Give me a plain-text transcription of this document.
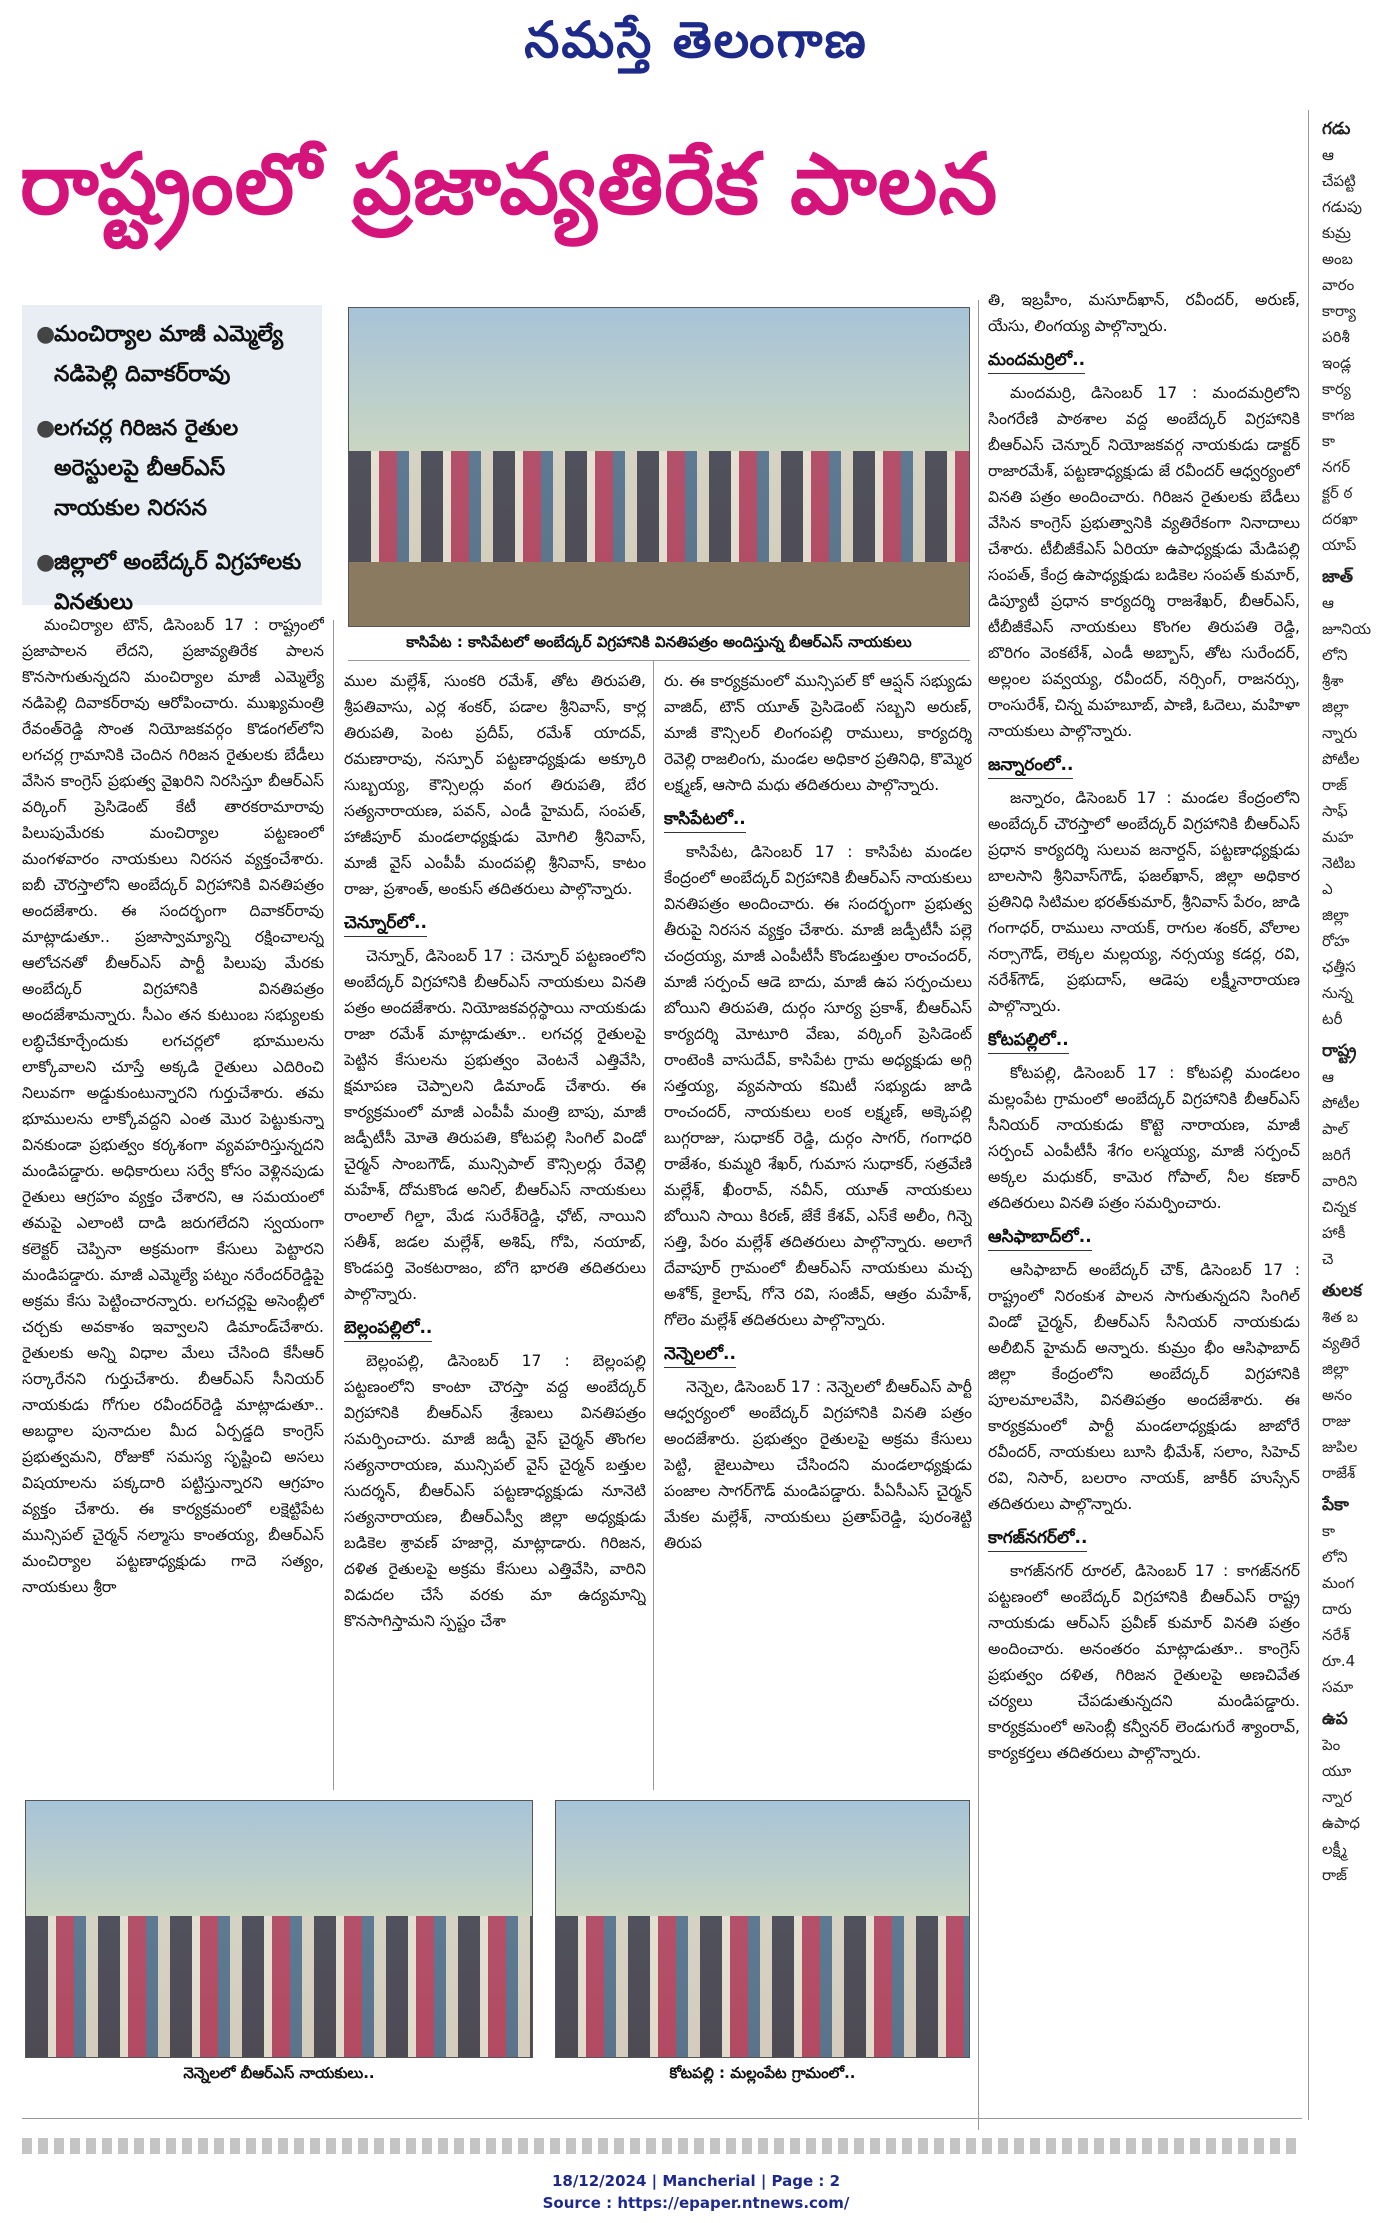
నమస్తే తెలంగాణ
రాష్ట్రంలో ప్రజావ్యతిరేక పాలన
●
మంచిర్యాల మాజీ ఎమ్మెల్యే నడిపెల్లి దివాకర్‌రావు
●
లగచర్ల గిరిజన రైతుల అరెస్టులపై బీఆర్‌ఎస్ నాయకుల నిరసన
●
జిల్లాలో అంబేద్కర్ విగ్రహాలకు వినతులు
కాసిపేట : కాసిపేటలో అంబేద్కర్ విగ్రహానికి వినతిపత్రం అందిస్తున్న బీఆర్‌ఎస్ నాయకులు

మంచిర్యాల టౌన్, డిసెంబర్ 17 : రాష్ట్రంలో ప్రజాపాలన లేదని, ప్రజావ్యతిరేక పాలన కొనసాగుతున్నదని మంచిర్యాల మాజీ ఎమ్మెల్యే నడిపెల్లి దివాకర్‌రావు ఆరోపించారు. ముఖ్యమంత్రి రేవంత్‌రెడ్డి సొంత నియోజకవర్గం కొడంగల్‌లోని లగచర్ల గ్రామానికి చెందిన గిరిజన రైతులకు బేడీలు వేసిన కాంగ్రెస్ ప్రభుత్వ వైఖరిని నిరసిస్తూ బీఆర్‌ఎస్ వర్కింగ్ ప్రెసిడెంట్ కేటీ తారకరామారావు పిలుపుమేరకు మంచిర్యాల పట్టణంలో మంగళవారం నాయకులు నిరసన వ్యక్తంచేశారు. ఐబీ చౌరస్తాలోని అంబేద్కర్ విగ్రహానికి వినతిపత్రం అందజేశారు. ఈ సందర్భంగా దివాకర్‌రావు మాట్లాడుతూ.. ప్రజాస్వామ్యాన్ని రక్షించాలన్న ఆలోచనతో బీఆర్‌ఎస్ పార్టీ పిలుపు మేరకు అంబేద్కర్ విగ్రహానికి వినతిపత్రం అందజేశామన్నారు. సీఎం తన కుటుంబ సభ్యులకు లబ్ధిచేకూర్చేందుకు లగచర్లలో భూములను లాక్కోవాలని చూస్తే అక్కడి రైతులు ఎదిరించి నిలువగా అడ్డుకుంటున్నారని గుర్తుచేశారు. తమ భూములను లాక్కోవద్దని ఎంత మొర పెట్టుకున్నా వినకుండా ప్రభుత్వం కర్కశంగా వ్యవహరిస్తున్నదని మండిపడ్డారు. అధికారులు సర్వే కోసం వెళ్లినపుడు రైతులు ఆగ్రహం వ్యక్తం చేశారని, ఆ సమయంలో తమపై ఎలాంటి దాడి జరుగలేదని స్వయంగా కలెక్టర్ చెప్పినా అక్రమంగా కేసులు పెట్టారని మండిపడ్డారు. మాజీ ఎమ్మెల్యే పట్నం నరేందర్‌రెడ్డిపై అక్రమ కేసు పెట్టించారన్నారు. లగచర్లపై అసెంబ్లీలో చర్చకు అవకాశం ఇవ్వాలని డిమాండ్‌చేశారు. రైతులకు అన్ని విధాల మేలు చేసింది కేసీఆర్ సర్కారేనని గుర్తుచేశారు. బీఆర్‌ఎస్ సీనియర్ నాయకుడు గోగుల రవీందర్‌రెడ్డి మాట్లాడుతూ.. అబద్ధాల పునాదుల మీద ఏర్పడ్డది కాంగ్రెస్ ప్రభుత్వమని, రోజుకో సమస్య సృష్టించి అసలు విషయాలను పక్కదారి పట్టిస్తున్నారని ఆగ్రహం వ్యక్తం చేశారు. ఈ కార్యక్రమంలో లక్షెట్టిపేట మున్సిపల్ చైర్మన్ నల్మాసు కాంతయ్య, బీఆర్‌ఎస్ మంచిర్యాల పట్టణాధ్యక్షుడు గాదె సత్యం, నాయకులు శ్రీరా

ముల మల్లేశ్, సుంకరి రమేశ్, తోట తిరుపతి, శ్రీపతివాసు, ఎర్ల శంకర్, పడాల శ్రీనివాస్, కార్ల తిరుపతి, పెంట ప్రదీప్, రమేశ్ యాదవ్, రమణారావు, నస్పూర్ పట్టణాధ్యక్షుడు అక్కూరి సుబ్బయ్య, కౌన్సిలర్లు వంగ తిరుపతి, బేర సత్యనారాయణ, పవన్, ఎండీ హైమద్, సంపత్, హాజీపూర్ మండలాధ్యక్షుడు మోగిలి శ్రీనివాస్, మాజీ వైస్ ఎంపీపీ మందపల్లి శ్రీనివాస్, కాటం రాజు, ప్రశాంత్, అంకుస్ తదితరులు పాల్గొన్నారు.

చెన్నూర్‌లో..

చెన్నూర్, డిసెంబర్ 17 : చెన్నూర్ పట్టణంలోని అంబేద్కర్ విగ్రహానికి బీఆర్‌ఎస్ నాయకులు వినతి పత్రం అందజేశారు. నియోజకవర్గస్థాయి నాయకుడు రాజా రమేశ్ మాట్లాడుతూ.. లగచర్ల రైతులపై పెట్టిన కేసులను ప్రభుత్వం వెంటనే ఎత్తివేసి, క్షమాపణ చెప్పాలని డిమాండ్ చేశారు. ఈ కార్యక్రమంలో మాజీ ఎంపీపీ మంత్రి బాపు, మాజీ జడ్పీటీసీ మోతె తిరుపతి, కోటపల్లి సింగిల్ విండో చైర్మన్ సాంబగౌడ్, మున్సిపాల్ కౌన్సిలర్లు రేవెల్లి మహేశ్, దోమకొండ అనిల్, బీఆర్‌ఎస్ నాయకులు రాంలాల్ గిల్డా, మేడ సురేశ్‌రెడ్డి, ఛోట్, నాయిని సతీశ్, జడల మల్లేశ్, అశిష్, గోపి, నయాబ్, కొండపర్తి వెంకటరాజం, బోగె భారతి తదితరులు పాల్గొన్నారు.

బెల్లంపల్లిలో..

బెల్లంపల్లి, డిసెంబర్ 17 : బెల్లంపల్లి పట్టణంలోని కాంటా చౌరస్తా వద్ద అంబేద్కర్ విగ్రహానికి బీఆర్‌ఎస్ శ్రేణులు వినతిపత్రం సమర్పించారు. మాజీ జడ్పీ వైస్ చైర్మన్ తొంగల సత్యనారాయణ, మున్సిపల్ వైస్ చైర్మన్ బత్తుల సుదర్శన్, బీఆర్‌ఎస్ పట్టణాధ్యక్షుడు నూనెటి సత్యనారాయణ, బీఆర్‌ఎస్వీ జిల్లా అధ్యక్షుడు బడికెల శ్రావణ్ హజార్లె, మాట్లాడారు. గిరిజన, దళిత రైతులపై అక్రమ కేసులు ఎత్తివేసి, వారిని విడుదల చేసే వరకు మా ఉద్యమాన్ని కొనసాగిస్తామని స్పష్టం చేశా

రు. ఈ కార్యక్రమంలో మున్సిపల్ కో ఆప్షన్ సభ్యుడు వాజిద్, టౌన్ యూత్ ప్రెసిడెంట్ సబ్బని అరుణ్, మాజీ కౌన్సిలర్ లింగంపల్లి రాములు, కార్యదర్శి రెవెల్లి రాజలింగు, మండల అధికార ప్రతినిధి, కొమ్మెర లక్ష్మణ్, ఆసాది మధు తదితరులు పాల్గొన్నారు.

కాసిపేటలో..

కాసిపేట, డిసెంబర్ 17 : కాసిపేట మండల కేంద్రంలో అంబేద్కర్ విగ్రహానికి బీఆర్‌ఎస్ నాయకులు వినతిపత్రం అందించారు. ఈ సందర్భంగా ప్రభుత్వ తీరుపై నిరసన వ్యక్తం చేశారు. మాజీ జడ్పీటీసీ పల్లె చంద్రయ్య, మాజీ ఎంపీటీసీ కొండబత్తుల రాంచందర్, మాజీ సర్పంచ్ ఆడె బాదు, మాజీ ఉప సర్పంచులు బోయిని తిరుపతి, దుర్గం సూర్య ప్రకాశ్, బీఆర్‌ఎస్ కార్యదర్శి మోటూరి వేణు, వర్కింగ్ ప్రెసిడెంట్ రాంటెంకి వాసుదేవ్, కాసిపేట గ్రామ అధ్యక్షుడు అగ్గి సత్తయ్య, వ్యవసాయ కమిటీ సభ్యుడు జాడి రాంచందర్, నాయకులు లంక లక్ష్మణ్, అక్కెపల్లి బుగ్గరాజు, సుధాకర్ రెడ్డి, దుర్గం సాగర్, గంగాధరి రాజేశం, కుమ్మరి శేఖర్, గుమాస సుధాకర్, సత్రవేణి మల్లేశ్, ఖీంరావ్, నవీన్, యూత్ నాయకులు బోయిని సాయి కిరణ్, జేకే కేశవ్, ఎస్‌కే అలీం, గిన్నె సత్తి, పేరం మల్లేశ్ తదితరులు పాల్గొన్నారు. అలాగే దేవాపూర్ గ్రామంలో బీఆర్‌ఎస్ నాయకులు మచ్చ అశోక్, కైలాష్, గోనె రవి, సంజీవ్, ఆత్రం మహేశ్, గోలెం మల్లేశ్ తదితరులు పాల్గొన్నారు.

నెన్నెలలో..

నెన్నెల, డిసెంబర్ 17 : నెన్నెలలో బీఆర్‌ఎస్ పార్టీ ఆధ్వర్యంలో అంబేద్కర్ విగ్రహానికి వినతి పత్రం అందజేశారు. ప్రభుత్వం రైతులపై అక్రమ కేసులు పెట్టి, జైలుపాలు చేసిందని మండలాధ్యక్షుడు పంజాల సాగర్‌గౌడ్ మండిపడ్డారు. పీఏసీఎస్ చైర్మన్ మేకల మల్లేశ్, నాయకులు ప్రతాప్‌రెడ్డి, పురంశెట్టి తిరుప

తి, ఇబ్రహీం, మసూద్‌ఖాన్, రవీందర్, అరుణ్, యేసు, లింగయ్య పాల్గొన్నారు.

మందమర్రిలో..

మందమర్రి, డిసెంబర్ 17 : మందమర్రిలోని సింగరేణి పాఠశాల వద్ద అంబేద్కర్ విగ్రహానికి బీఆర్‌ఎస్ చెన్నూర్ నియోజకవర్గ నాయకుడు డాక్టర్ రాజారమేశ్, పట్టణాధ్యక్షుడు జే రవీందర్ ఆధ్వర్యంలో వినతి పత్రం అందించారు. గిరిజన రైతులకు బేడీలు వేసిన కాంగ్రెస్ ప్రభుత్వానికి వ్యతిరేకంగా నినాదాలు చేశారు. టీబీజీకేఎస్ ఏరియా ఉపాధ్యక్షుడు మేడిపల్లి సంపత్, కేంద్ర ఉపాధ్యక్షుడు బడికెల సంపత్ కుమార్, డిప్యూటీ ప్రధాన కార్యదర్శి రాజశేఖర్, బీఆర్‌ఎస్, టీబీజీకేఎస్ నాయకులు కొంగల తిరుపతి రెడ్డి, బొరిగం వెంకటేశ్, ఎండీ అబ్బాస్, తోట సురేందర్, అల్లంల పవ్వయ్య, రవీందర్, నర్సింగ్, రాజనర్సు, రాంసురేశ్, చిన్న మహబూబ్, పాణి, ఓదెలు, మహిళా నాయకులు పాల్గొన్నారు.

జన్నారంలో..

జన్నారం, డిసెంబర్ 17 : మండల కేంద్రంలోని అంబేద్కర్ చౌరస్తాలో అంబేద్కర్ విగ్రహానికి బీఆర్‌ఎస్ ప్రధాన కార్యదర్శి సులువ జనార్దన్, పట్టణాధ్యక్షుడు బాలసాని శ్రీనివాస్‌గౌడ్, ఫజల్‌ఖాన్, జిల్లా అధికార ప్రతినిధి సిటిమల భరత్‌కుమార్, శ్రీనివాస్ పేరం, జాడి గంగాధర్, రాములు నాయక్, రాగుల శంకర్, వోలాల నర్సాగౌడ్, లెక్కల మల్లయ్య, నర్సయ్య కడర్ల, రవి, నరేశ్‌గౌడ్, ప్రభుదాస్, ఆడెపు లక్ష్మీనారాయణ పాల్గొన్నారు.

కోటపల్లిలో..

కోటపల్లి, డిసెంబర్ 17 : కోటపల్లి మండలం మల్లంపేట గ్రామంలో అంబేద్కర్ విగ్రహానికి బీఆర్‌ఎస్ సీనియర్ నాయకుడు కొట్టె నారాయణ, మాజీ సర్పంచ్ ఎంపీటీసీ శేగం లస్మయ్య, మాజీ సర్పంచ్ అక్కల మధుకర్, కామెర గోపాల్, నీల కణార్ తదితరులు వినతి పత్రం సమర్పించారు.

ఆసిఫాబాద్‌లో..

ఆసిఫాబాద్ అంబేద్కర్ చౌక్, డిసెంబర్ 17 : రాష్ట్రంలో నిరంకుశ పాలన సాగుతున్నదని సింగిల్ విండో చైర్మన్, బీఆర్‌ఎస్ సీనియర్ నాయకుడు అలీబిన్ హైమద్ అన్నారు. కుమ్రం భీం ఆసిఫాబాద్ జిల్లా కేంద్రంలోని అంబేద్కర్ విగ్రహానికి పూలమాలవేసి, వినతిపత్రం అందజేశారు. ఈ కార్యక్రమంలో పార్టీ మండలాధ్యక్షుడు జాబోరే రవీందర్, నాయకులు బూసి భీమేశ్, సలాం, సిహెచ్ రవి, నిసార్, బలరాం నాయక్, జాకీర్ హుస్సేన్ తదితరులు పాల్గొన్నారు.

కాగజ్‌నగర్‌లో..

కాగజ్‌నగర్ రూరల్, డిసెంబర్ 17 : కాగజ్‌నగర్ పట్టణంలో అంబేద్కర్ విగ్రహానికి బీఆర్‌ఎస్ రాష్ట్ర నాయకుడు ఆర్‌ఎస్ ప్రవీణ్ కుమార్ వినతి పత్రం అందించారు. అనంతరం మాట్లాడుతూ.. కాంగ్రెస్ ప్రభుత్వం దళిత, గిరిజన రైతులపై అణచివేత చర్యలు చేపడుతున్నదని మండిపడ్డారు. కార్యక్రమంలో అసెంబ్లీ కన్వీనర్ లెండుగురే శ్యాంరావ్, కార్యకర్తలు తదితరులు పాల్గొన్నారు.

నెన్నెలలో బీఆర్‌ఎస్ నాయకులు..	కోటపల్లి : మల్లంపేట గ్రామంలో..
గడు
ఆ
చేపట్టి
గడుపు
కుమ్ర
అంబ
వారం
కార్యా
పరిశీ
ఇండ్ల
కార్య
కాగజ
కా
నగర్
క్టర్ ఠ
దరఖా
యాప్
జాత్
ఆ
జూనియ
లోని
శ్రీశా
జిల్లా
న్నారు
పోటీల
రాజ్
సాఫ్
మహ
నెటిబ
ఎ
జిల్లా
రోహ
ఛత్తీస
నున్న
టరీ
రాష్ట్ర
ఆ
పోటీల
పాల్
జరిగే
వారిని
చిన్నక
హాకీ
చె
తులక
శిత బ
వ్యతిరే
జిల్లా
అనం
రాజు
జుపిల
రాజేశ్
పేకా
కా
లోని
మంగ
దారు
నరేశ్
రూ.4
సమా
ఉప
పెం
యూ
న్నార
ఉపాధ
లక్ష్మీ
రాజ్
18/12/2024 | Mancherial | Page : 2
Source : https://epaper.ntnews.com/
